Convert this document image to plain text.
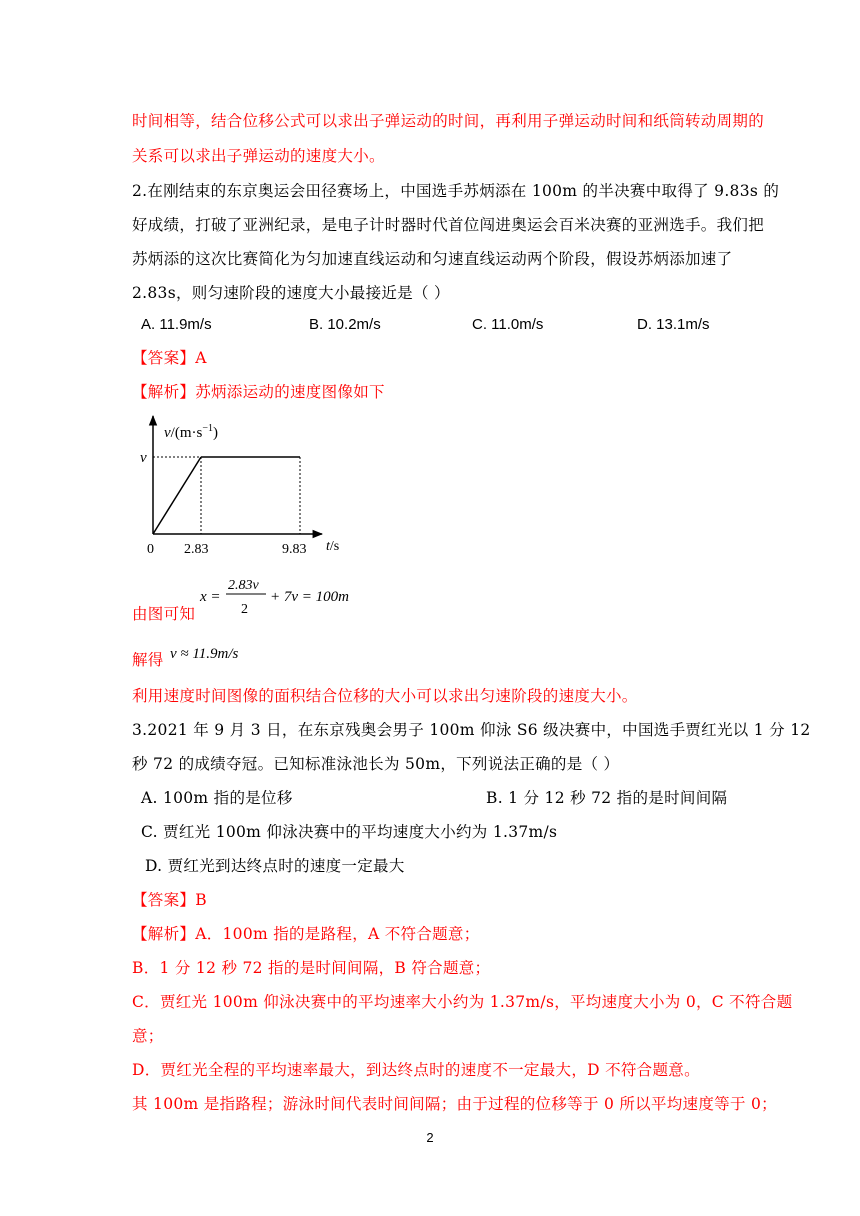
时间相等，结合位移公式可以求出子弹运动的时间，再利用子弹运动时间和纸筒转动周期的
关系可以求出子弹运动的速度大小。
2.在刚结束的东京奥运会田径赛场上，中国选手苏炳添在 100m 的半决赛中取得了 9.83s 的
好成绩，打破了亚洲纪录，是电子计时器时代首位闯进奥运会百米决赛的亚洲选手。我们把
苏炳添的这次比赛简化为匀加速直线运动和匀速直线运动两个阶段，假设苏炳添加速了
2.83s，则匀速阶段的速度大小最接近是（ ）
A. 11.9m/s	B. 10.2m/s	C. 11.0m/s	D. 13.1m/s
【答案】A
【解析】苏炳添运动的速度图像如下
$v/(m\cdot s^{-1})$
v
0 2.83	9.83 t/s
x =
2.83v
2
+ 7v = 100m
由图可知
解得 v ≈ 11.9m/s
利用速度时间图像的面积结合位移的大小可以求出匀速阶段的速度大小。
3.2021 年 9 月 3 日，在东京残奥会男子 100m 仰泳 S6 级决赛中，中国选手贾红光以 1 分 12
秒 72 的成绩夺冠。已知标准泳池长为 50m，下列说法正确的是（ ）
A. 100m 指的是位移	B. 1 分 12 秒 72 指的是时间间隔
C. 贾红光 100m 仰泳决赛中的平均速度大小约为 1.37m/s
D. 贾红光到达终点时的速度一定最大
【答案】B
【解析】A．100m 指的是路程，A 不符合题意；
B．1 分 12 秒 72 指的是时间间隔，B 符合题意；
C．贾红光 100m 仰泳决赛中的平均速率大小约为 1.37m/s，平均速度大小为 0，C 不符合题
意；
D．贾红光全程的平均速率最大，到达终点时的速度不一定最大，D 不符合题意。
其 100m 是指路程；游泳时间代表时间间隔；由于过程的位移等于 0 所以平均速度等于 0；
2
